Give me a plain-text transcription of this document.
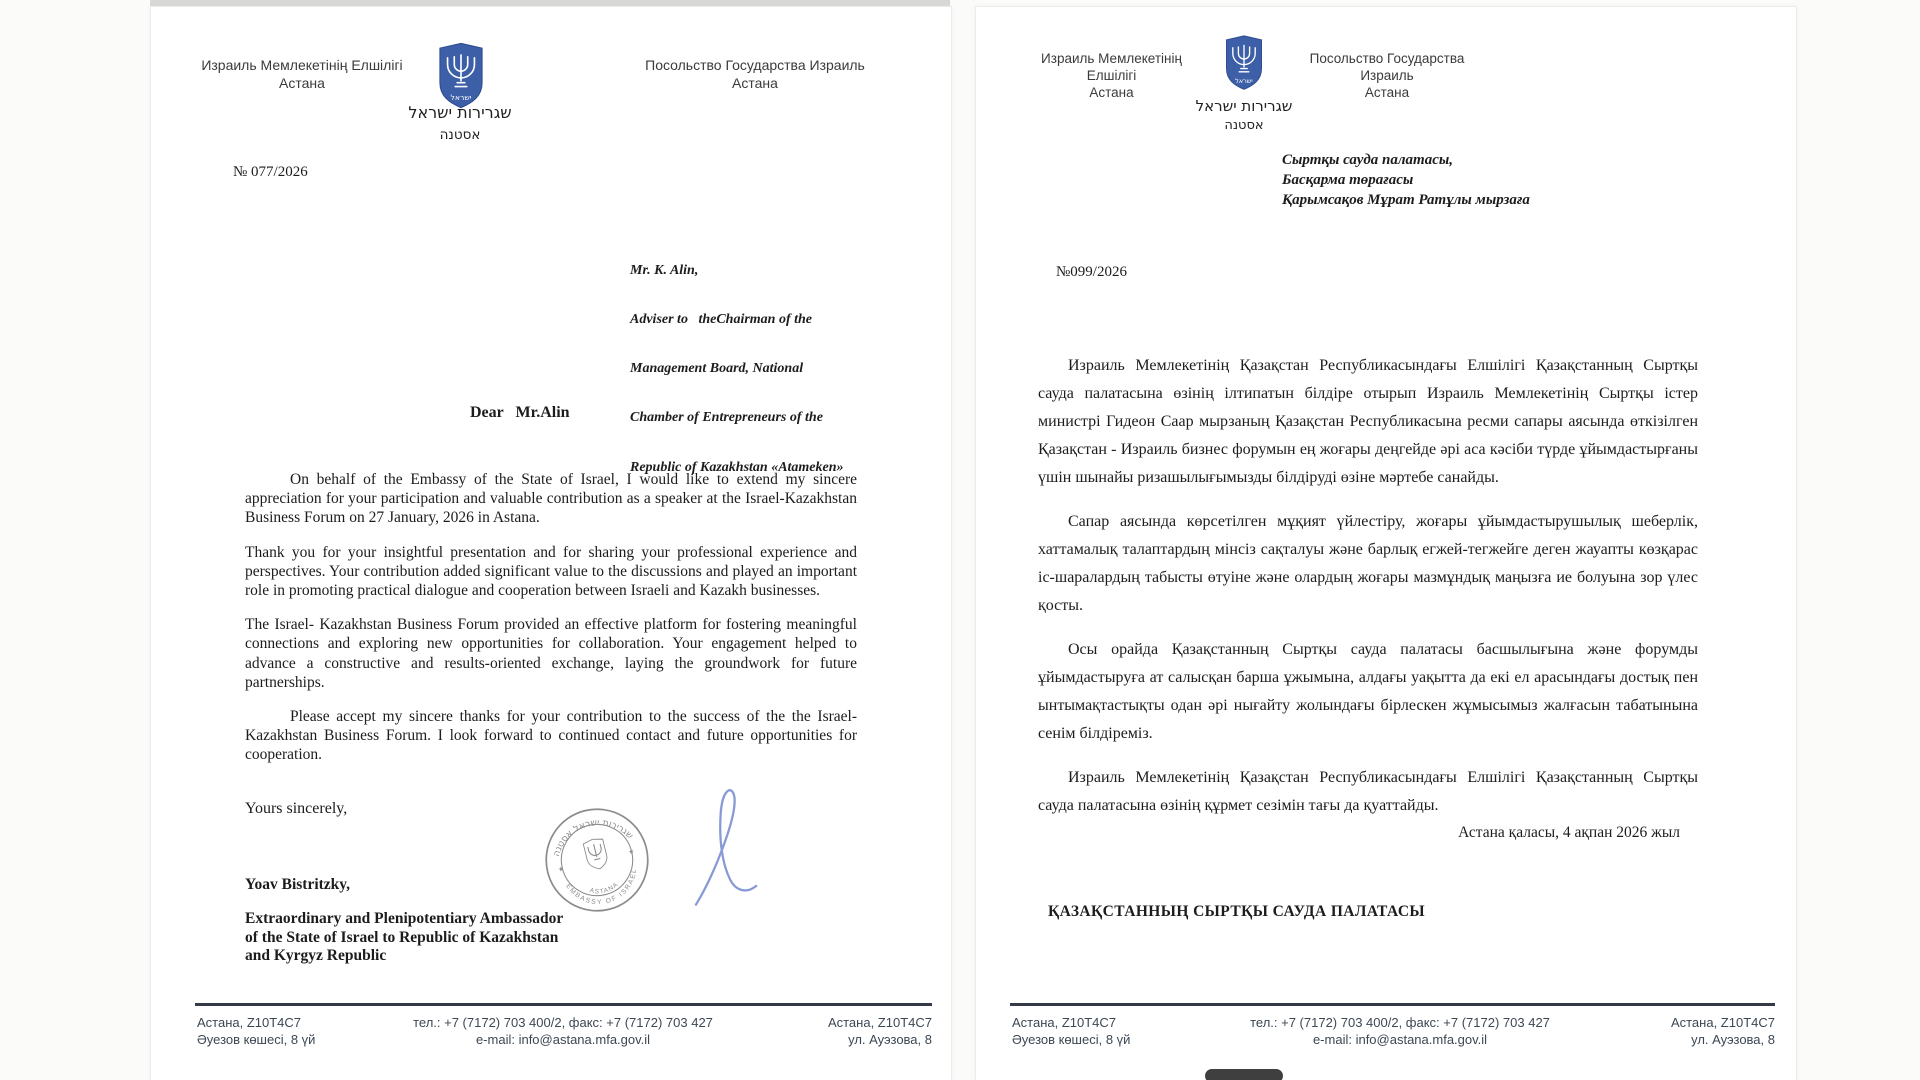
Израиль Мемлекетінің Елшілігі
Астана
ישראל
שגרירות ישראל
אסטנה
Посольство Государства Израиль
Астана
№ 077/2026

Mr. K. Alin,

Adviser to   theChairman of the

Management Board, National

Chamber of Entrepreneurs of the

Republic of Kazakhstan «Atameken»

Dear   Mr.Alin

On behalf of the Embassy of the State of Israel, I would like to extend my sincere appreciation for your participation and valuable contribution as a speaker at the Israel-Kazakhstan Business Forum on 27 January, 2026 in Astana.

Thank you for your insightful presentation and for sharing your professional experience and perspectives. Your contribution added significant value to the discussions and played an important role in promoting practical dialogue and cooperation between Israeli and Kazakh businesses.

The Israel- Kazakhstan Business Forum provided an effective platform for fostering meaningful connections and exploring new opportunities for collaboration. Your engagement helped to advance a constructive and results-oriented exchange, laying the groundwork for future partnerships.

Please accept my sincere thanks for your contribution to the success of the the Israel-Kazakhstan Business Forum. I look forward to continued contact and future opportunities for cooperation.

Yours sincerely,
שגרירות ישראל אסטנה
EMBASSY OF ISRAEL
ASTANA
★
★
Yoav Bistritzky,
Extraordinary and Plenipotentiary Ambassador
of the State of Israel to Republic of Kazakhstan
and Kyrgyz Republic
Астана, Z10T4C7
Әуезов көшесі, 8 үй
тел.: +7 (7172) 703 400/2, факс: +7 (7172) 703 427
e-mail: info@astana.mfa.gov.il
Астана, Z10T4C7
ул. Ауэзова, 8
Израиль Мемлекетінің Елшілігі
Астана
ישראל
שגרירות ישראל
אסטנה
Посольство Государства Израиль
Астана
Сыртқы сауда палатасы,
Басқарма төрағасы
Қарымсақов Мұрат Ратұлы мырзаға
№099/2026

Израиль Мемлекетінің Қазақстан Республикасындағы Елшілігі Қазақстанның Сыртқы сауда палатасына өзінің ілтипатын білдіре отырып Израиль Мемлекетінің Сыртқы істер министрі Гидеон Саар мырзаның Қазақстан Республикасына ресми сапары аясында өткізілген Қазақстан - Израиль бизнес форумын ең жоғары деңгейде әрі аса кәсіби түрде ұйымдастырғаны үшін шынайы ризашылығымызды білдіруді өзіне мәртебе санайды.

Сапар аясында көрсетілген мұқият үйлестіру, жоғары ұйымдастырушылық шеберлік, хаттамалық талаптардың мінсіз сақталуы және барлық егжей-тегжейге деген жауапты көзқарас іс-шаралардың табысты өтуіне және олардың жоғары мазмұндық маңызға ие болуына зор үлес қосты.

Осы орайда Қазақстанның Сыртқы сауда палатасы басшылығына және форумды ұйымдастыруға ат салысқан барша ұжымына, алдағы уақытта да екі ел арасындағы достық пен ынтымақтастықты одан әрі нығайту жолындағы бірлескен жұмысымыз жалғасын табатынына сенім білдіреміз.

Израиль Мемлекетінің Қазақстан Республикасындағы Елшілігі Қазақстанның Сыртқы сауда палатасына өзінің құрмет сезімін тағы да қуаттайды.

Астана қаласы, 4 ақпан 2026 жыл
ҚАЗАҚСТАННЫҢ СЫРТҚЫ САУДА ПАЛАТАСЫ
Астана, Z10T4C7
Әуезов көшесі, 8 үй
тел.: +7 (7172) 703 400/2, факс: +7 (7172) 703 427
e-mail: info@astana.mfa.gov.il
Астана, Z10T4C7
ул. Ауэзова, 8
